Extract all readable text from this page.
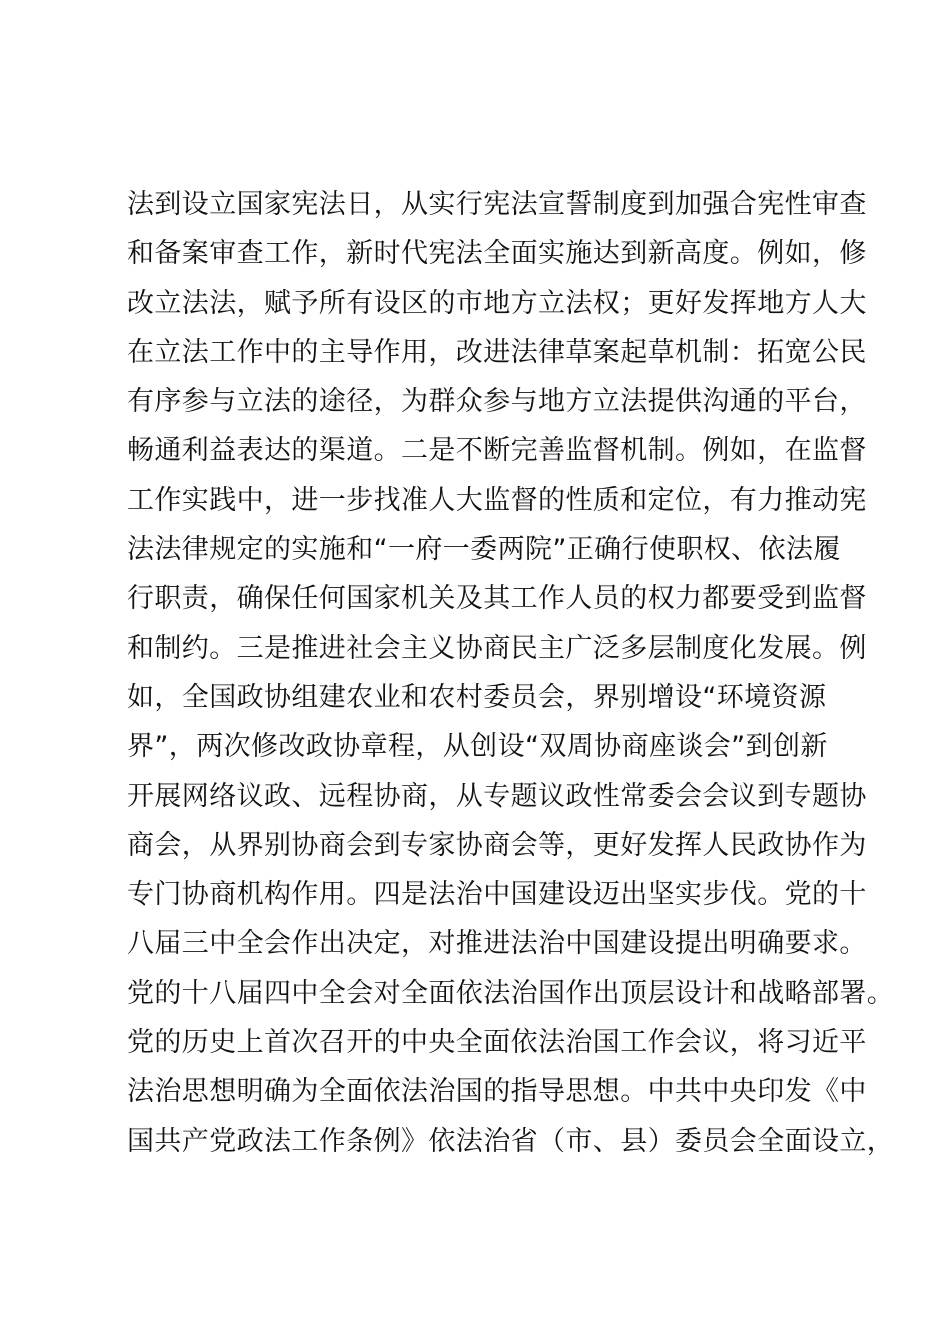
法到设立国家宪法日，从实行宪法宣誓制度到加强合宪性审查
和备案审查工作，新时代宪法全面实施达到新高度。例如，修
改立法法，赋予所有设区的市地方立法权；更好发挥地方人大
在立法工作中的主导作用，改进法律草案起草机制：拓宽公民
有序参与立法的途径，为群众参与地方立法提供沟通的平台，
畅通利益表达的渠道。二是不断完善监督机制。例如，在监督
工作实践中，进一步找准人大监督的性质和定位，有力推动宪
法法律规定的实施和“一府一委两院”正确行使职权、依法履
行职责，确保任何国家机关及其工作人员的权力都要受到监督
和制约。三是推进社会主义协商民主广泛多层制度化发展。例
如，全国政协组建农业和农村委员会，界别增设“环境资源
界”，两次修改政协章程，从创设“双周协商座谈会”到创新
开展网络议政、远程协商，从专题议政性常委会会议到专题协
商会，从界别协商会到专家协商会等，更好发挥人民政协作为
专门协商机构作用。四是法治中国建设迈出坚实步伐。党的十
八届三中全会作出决定，对推进法治中国建设提出明确要求。
党的十八届四中全会对全面依法治国作出顶层设计和战略部署。
党的历史上首次召开的中央全面依法治国工作会议，将习近平
法治思想明确为全面依法治国的指导思想。中共中央印发《中
国共产党政法工作条例》依法治省（市、县）委员会全面设立，
